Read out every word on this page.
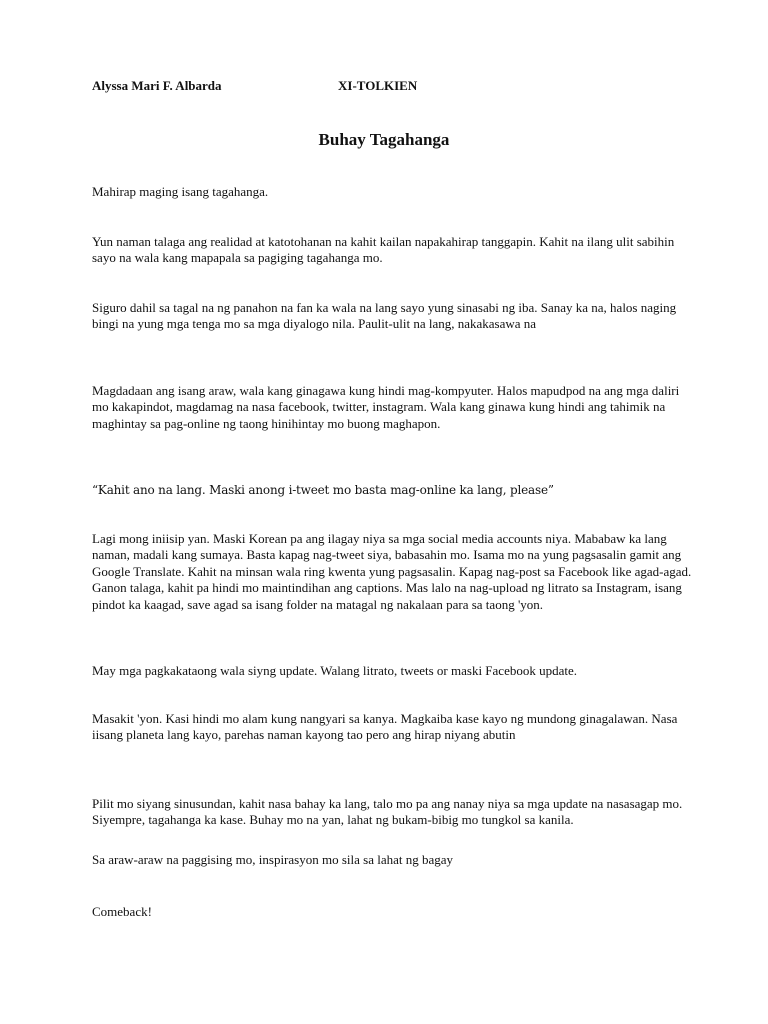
Alyssa Mari F. Albarda	XI-TOLKIEN
Buhay Tagahanga

Mahirap maging isang tagahanga.

Yun naman talaga ang realidad at katotohanan na kahit kailan napakahirap tanggapin. Kahit na ilang ulit sabihin sayo na wala kang mapapala sa pagiging tagahanga mo.

Siguro dahil sa tagal na ng panahon na fan ka wala na lang sayo yung sinasabi ng iba. Sanay ka na, halos naging bingi na yung mga tenga mo sa mga diyalogo nila. Paulit-ulit na lang, nakakasawa na

Magdadaan ang isang araw, wala kang ginagawa kung hindi mag-kompyuter. Halos mapudpod na ang mga daliri mo kakapindot, magdamag na nasa facebook, twitter, instagram. Wala kang ginawa kung hindi ang tahimik na maghintay sa pag-online ng taong hinihintay mo buong maghapon.

“Kahit ano na lang. Maski anong i-tweet mo basta mag-online ka lang, please”

Lagi mong iniisip yan. Maski Korean pa ang ilagay niya sa mga social media accounts niya. Mababaw ka lang naman, madali kang sumaya. Basta kapag nag-tweet siya, babasahin mo. Isama mo na yung pagsasalin gamit ang Google Translate. Kahit na minsan wala ring kwenta yung pagsasalin. Kapag nag-post sa Facebook like agad-agad. Ganon talaga, kahit pa hindi mo maintindihan ang captions. Mas lalo na nag-upload ng litrato sa Instagram, isang pindot ka kaagad, save agad sa isang folder na matagal ng nakalaan para sa taong 'yon.

May mga pagkakataong wala siyng update. Walang litrato, tweets or maski Facebook update.

Masakit 'yon. Kasi hindi mo alam kung nangyari sa kanya. Magkaiba kase kayo ng mundong ginagalawan. Nasa iisang planeta lang kayo, parehas naman kayong tao pero ang hirap niyang abutin

Pilit mo siyang sinusundan, kahit nasa bahay ka lang, talo mo pa ang nanay niya sa mga update na nasasagap mo. Siyempre, tagahanga ka kase. Buhay mo na yan, lahat ng bukam-bibig mo tungkol sa kanila.

Sa araw-araw na paggising mo, inspirasyon mo sila sa lahat ng bagay

Comeback!
